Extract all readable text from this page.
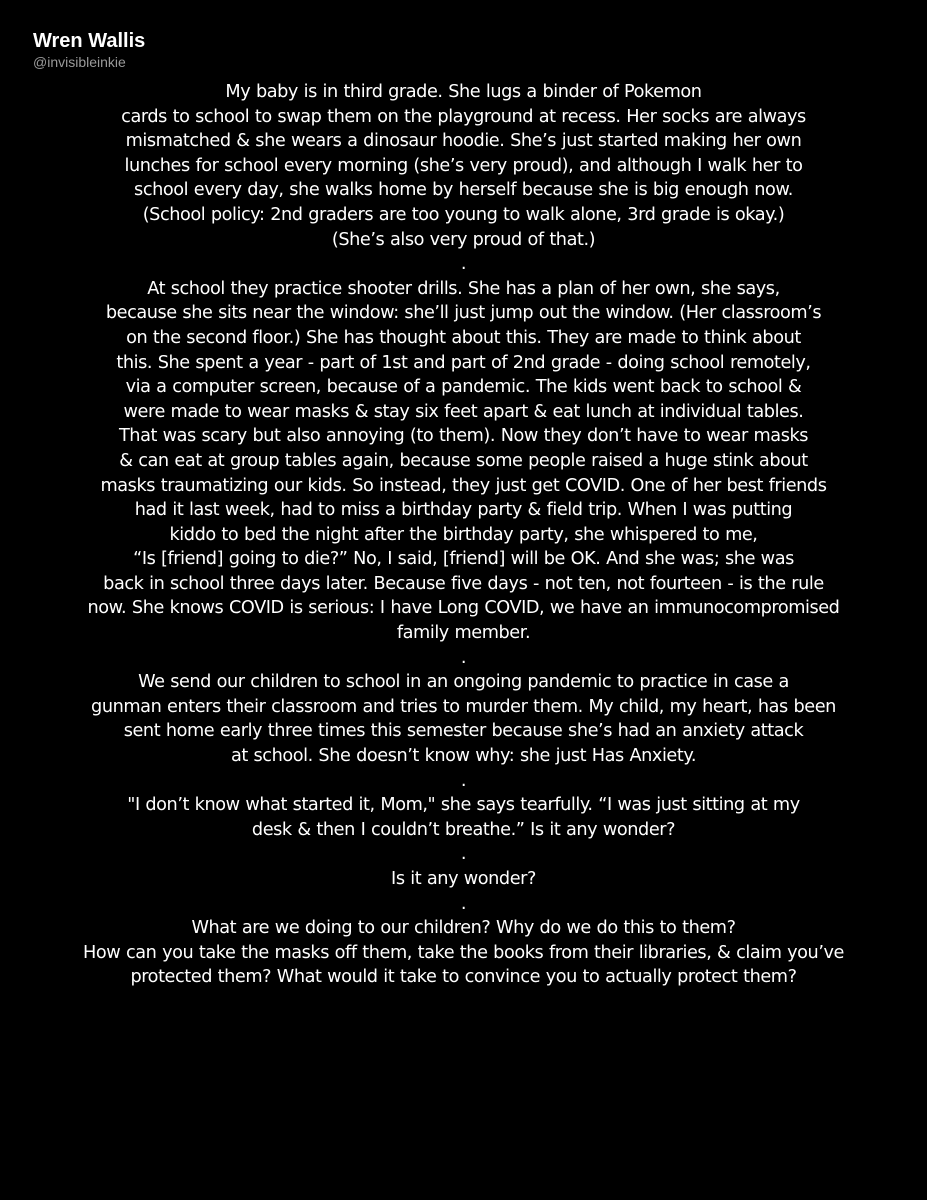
Wren Wallis
@invisibleinkie
My baby is in third grade. She lugs a binder of Pokemon
cards to school to swap them on the playground at recess. Her socks are always
mismatched & she wears a dinosaur hoodie. She’s just started making her own
lunches for school every morning (she’s very proud), and although I walk her to
school every day, she walks home by herself because she is big enough now.
(School policy: 2nd graders are too young to walk alone, 3rd grade is okay.)
(She’s also very proud of that.)
.
At school they practice shooter drills. She has a plan of her own, she says,
because she sits near the window: she’ll just jump out the window. (Her classroom’s
on the second floor.) She has thought about this. They are made to think about
this. She spent a year - part of 1st and part of 2nd grade - doing school remotely,
via a computer screen, because of a pandemic. The kids went back to school &
were made to wear masks & stay six feet apart & eat lunch at individual tables.
That was scary but also annoying (to them). Now they don’t have to wear masks
& can eat at group tables again, because some people raised a huge stink about
masks traumatizing our kids. So instead, they just get COVID. One of her best friends
had it last week, had to miss a birthday party & field trip. When I was putting
kiddo to bed the night after the birthday party, she whispered to me,
“Is [friend] going to die?” No, I said, [friend] will be OK. And she was; she was
back in school three days later. Because five days - not ten, not fourteen - is the rule
now. She knows COVID is serious: I have Long COVID, we have an immunocompromised
family member.
.
We send our children to school in an ongoing pandemic to practice in case a
gunman enters their classroom and tries to murder them. My child, my heart, has been
sent home early three times this semester because she’s had an anxiety attack
at school. She doesn’t know why: she just Has Anxiety.
.
"I don’t know what started it, Mom," she says tearfully. “I was just sitting at my
desk & then I couldn’t breathe.” Is it any wonder?
.
Is it any wonder?
.
What are we doing to our children? Why do we do this to them?
How can you take the masks off them, take the books from their libraries, & claim you’ve
protected them? What would it take to convince you to actually protect them?
